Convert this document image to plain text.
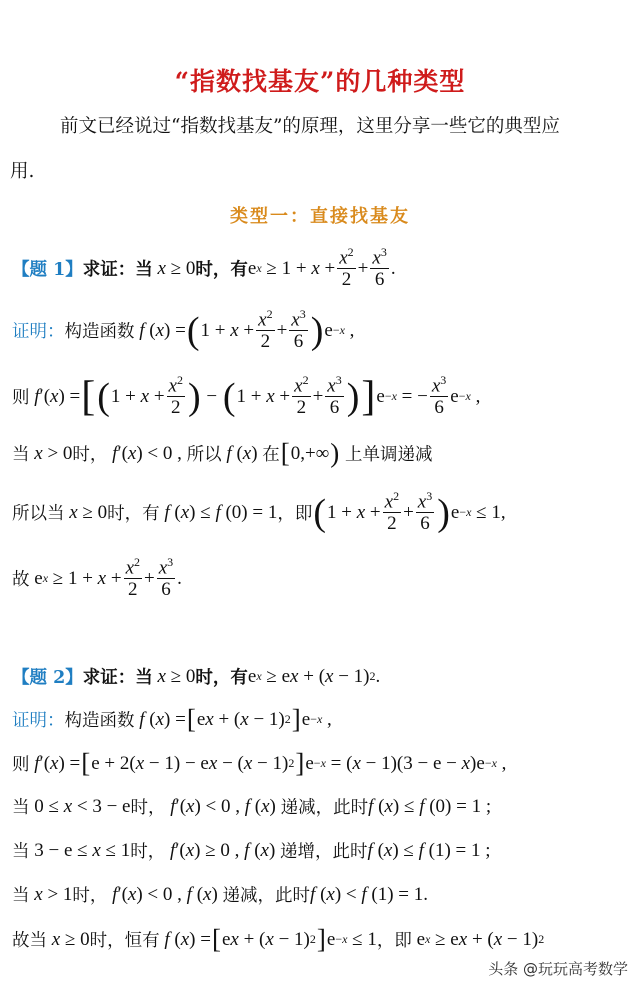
“指数找基友”的几种类型
前文已经说过“指数找基友”的原理，这里分享一些它的典型应
用.
类型一：直接找基友
【题 1】 求证：当
x ≥ 0 时，有 e $x \ge 1 + x + \frac{x^2}{2} + \frac{x^3}{6}$ .
证明： 构造函数
f ( x ) = ( $1 + x + \frac{x^2}{2} + \frac{x^3}{6}$ ) e −x ,
则
f ′( x ) = [ ( $1 + x + \frac{x^2}{2}$ ) − ( $1 + x + \frac{x^2}{2} + \frac{x^3}{6}$ ) ] e −x = − $\frac{x^3}{6}$ e −x ,
当
x > 0 时，
f ′( x ) < 0 , 所以
f ( x ) 在 [ 0,+∞ )
上单调递减
所以当
x ≥ 0 时，有
f ( x ) ≤ f (0) = 1 ，即 ( $1 + x + \frac{x^2}{2} + \frac{x^3}{6}$ ) e −x ≤ 1,
故 e $x \ge 1 + x + \frac{x^2}{2} + \frac{x^3}{6}$ .
【题 2】 求证：当
x ≥ 0 时，有 e x ≥ e x + ( x − 1) 2 .
证明： 构造函数
f ( x ) = [ e x + ( x − 1) 2 ] e −x ,
则
f ′( x ) = [ e + 2( x − 1) − e x − ( x − 1) 2 ] e −x = ( x − 1)(3 − e − x )e −x ,
当 0 ≤ x < 3 − e 时，
f ′( x ) < 0 , f ( x ) 递减，此时 f ( x ) ≤ f (0) = 1 ;
当 3 − e ≤ x ≤ 1 时，
f ′( x ) ≥ 0 , f ( x ) 递增，此时 f ( x ) ≤ f (1) = 1 ;
当
x > 1 时，
f ′( x ) < 0 , f ( x ) 递减，此时 f ( x ) < f (1) = 1.
故当
x ≥ 0 时，恒有
f ( x ) = [ e x + ( x − 1) 2 ] e −x ≤ 1 ，即 e x ≥ e x + ( x − 1) 2
头条 @玩玩高考数学
